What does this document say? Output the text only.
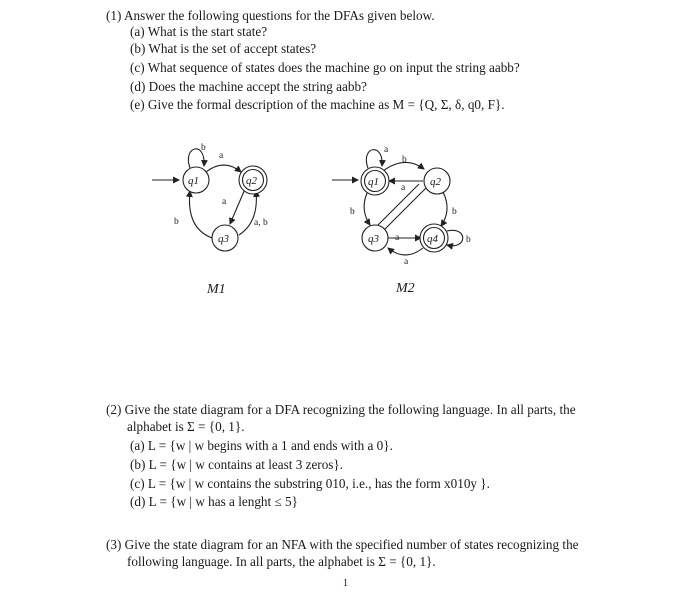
(1) Answer the following questions for the DFAs given below.
(a) What is the start state?
(b) What is the set of accept states?
(c) What sequence of states does the machine go on input the string aabb?
(d) Does the machine accept the string aabb?
(e) Give the formal description of the machine as M = {Q, Σ, δ, q0, F}.
b
a
a
a, b
b
q1	q2
q3
M1
a
b
a
b	b
a
a
b
q1	q2
q3	q4
M2
(2) Give the state diagram for a DFA recognizing the following language. In all parts, the
alphabet is Σ = {0, 1}.
(a) L = {w | w begins with a 1 and ends with a 0}.
(b) L = {w | w contains at least 3 zeros}.
(c) L = {w | w contains the substring 010, i.e., has the form x010y }.
(d) L = {w | w has a lenght ≤ 5}
(3) Give the state diagram for an NFA with the specified number of states recognizing the
following language. In all parts, the alphabet is Σ = {0, 1}.
1
